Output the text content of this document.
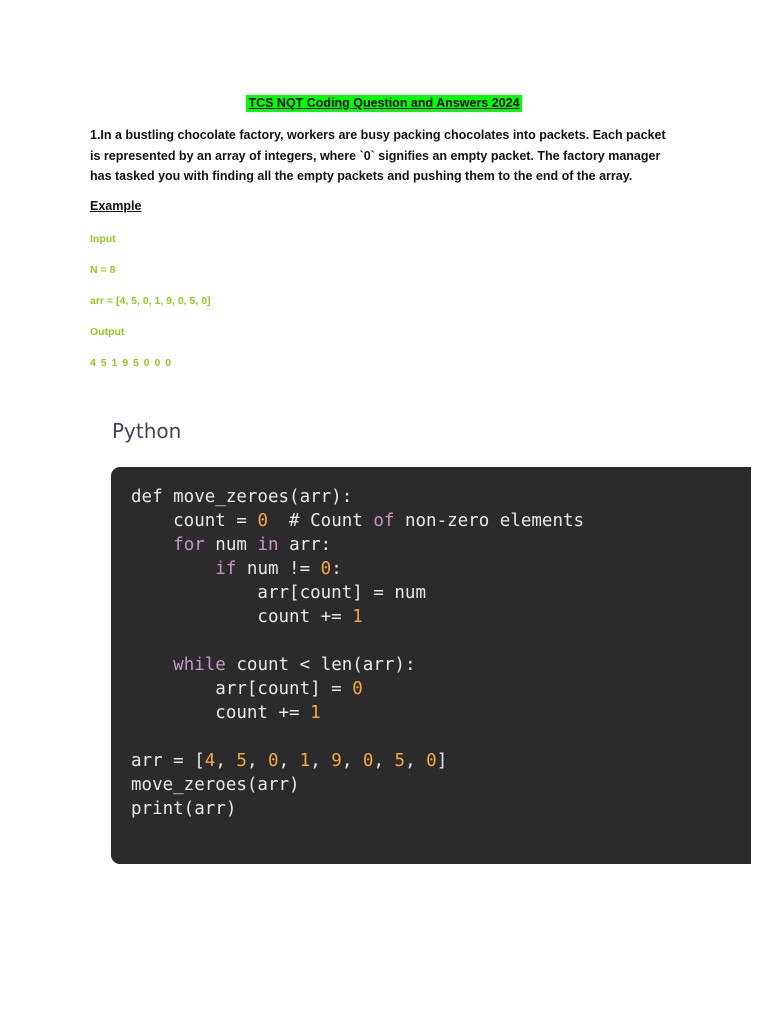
TCS NQT Coding Question and Answers 2024
1.In a bustling chocolate factory, workers are busy packing chocolates into packets. Each packet is represented by an array of integers, where `0` signifies an empty packet. The factory manager has tasked you with finding all the empty packets and pushing them to the end of the array.
Example
Input
N = 8
arr = [4, 5, 0, 1, 9, 0, 5, 0]
Output
4 5 1 9 5 0 0 0
Python
def move_zeroes(arr):
count = 0  # Count of non-zero elements
for num in arr:
if num != 0:
arr[count] = num
count += 1

while count < len(arr):
arr[count] = 0
count += 1

arr = [4, 5, 0, 1, 9, 0, 5, 0]
move_zeroes(arr)
print(arr)
